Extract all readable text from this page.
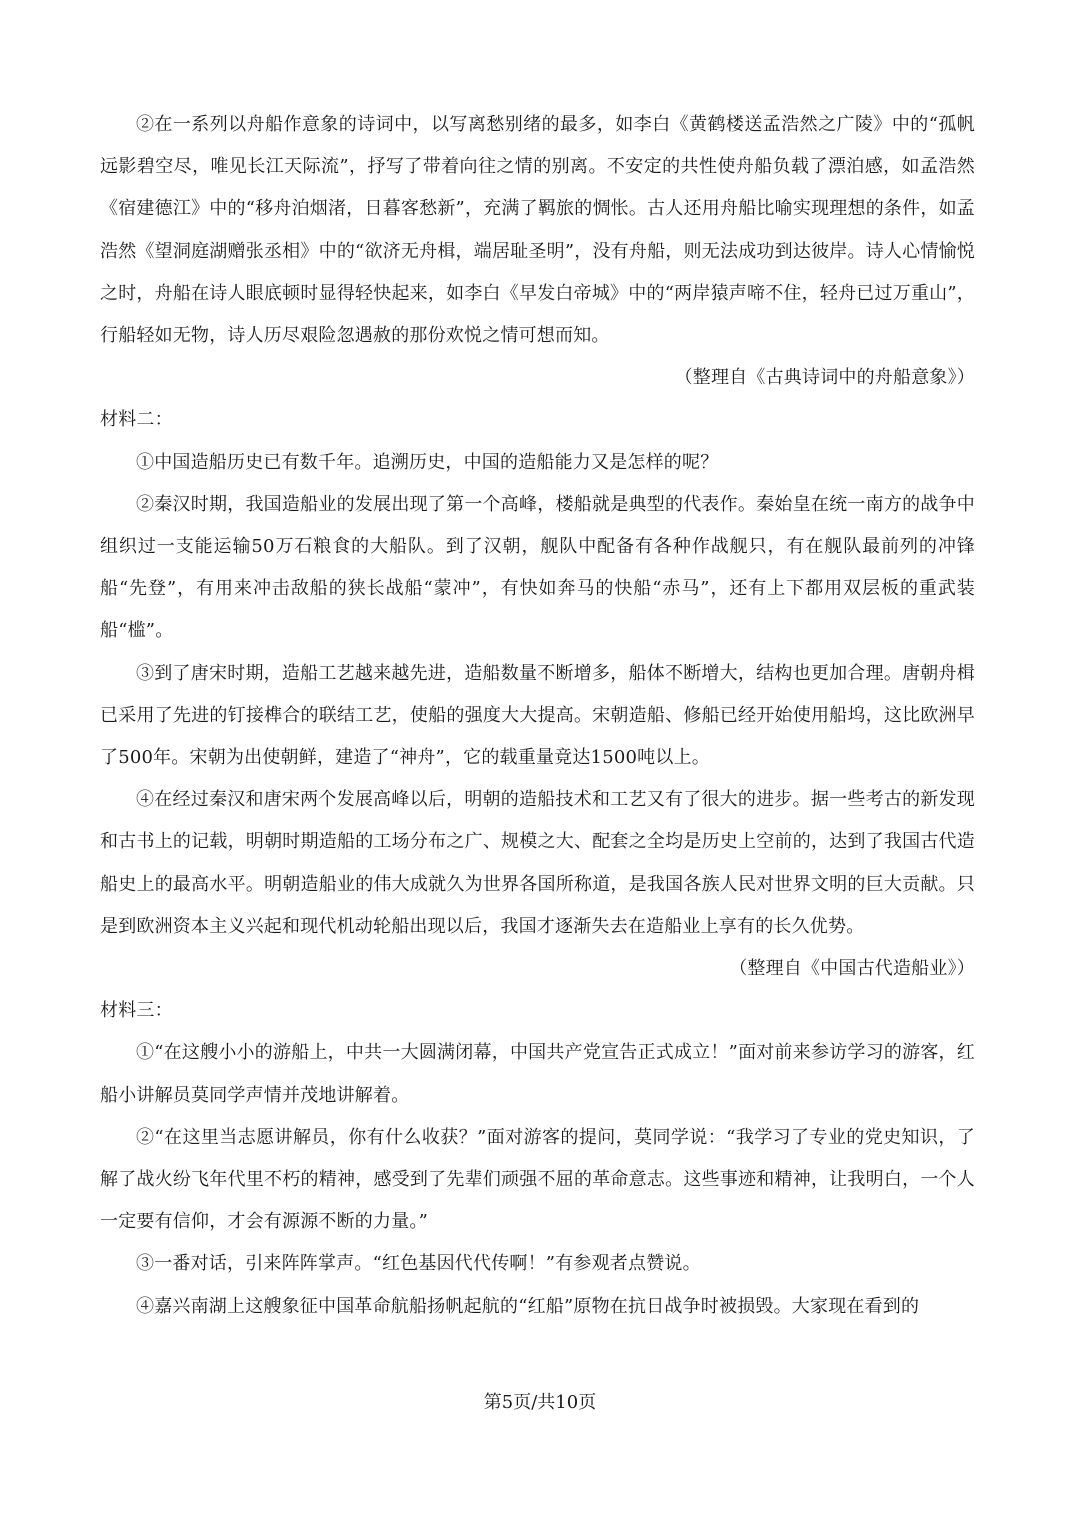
②在一系列以舟船作意象的诗词中，以写离愁别绪的最多，如李白《黄鹤楼送孟浩然之广陵》中的“孤帆远影碧空尽，唯见长江天际流”，抒写了带着向往之情的别离。不安定的共性使舟船负载了漂泊感，如孟浩然《宿建德江》中的“移舟泊烟渚，日暮客愁新”，充满了羁旅的惆怅。古人还用舟船比喻实现理想的条件，如孟浩然《望洞庭湖赠张丞相》中的“欲济无舟楫，端居耻圣明”，没有舟船，则无法成功到达彼岸。诗人心情愉悦之时，舟船在诗人眼底顿时显得轻快起来，如李白《早发白帝城》中的“两岸猿声啼不住，轻舟已过万重山”，行船轻如无物，诗人历尽艰险忽遇赦的那份欢悦之情可想而知。

（整理自《古典诗词中的舟船意象》）

材料二：

①中国造船历史已有数千年。追溯历史，中国的造船能力又是怎样的呢？

②秦汉时期，我国造船业的发展出现了第一个高峰，楼船就是典型的代表作。秦始皇在统一南方的战争中组织过一支能运输50万石粮食的大船队。到了汉朝，舰队中配备有各种作战舰只，有在舰队最前列的冲锋船“先登”，有用来冲击敌船的狭长战船“蒙冲”，有快如奔马的快船“赤马”，还有上下都用双层板的重武装船“槛”。

③到了唐宋时期，造船工艺越来越先进，造船数量不断增多，船体不断增大，结构也更加合理。唐朝舟楫已采用了先进的钉接榫合的联结工艺，使船的强度大大提高。宋朝造船、修船已经开始使用船坞，这比欧洲早了500年。宋朝为出使朝鲜，建造了“神舟”，它的载重量竟达1500吨以上。

④在经过秦汉和唐宋两个发展高峰以后，明朝的造船技术和工艺又有了很大的进步。据一些考古的新发现和古书上的记载，明朝时期造船的工场分布之广、规模之大、配套之全均是历史上空前的，达到了我国古代造船史上的最高水平。明朝造船业的伟大成就久为世界各国所称道，是我国各族人民对世界文明的巨大贡献。只是到欧洲资本主义兴起和现代机动轮船出现以后，我国才逐渐失去在造船业上享有的长久优势。

（整理自《中国古代造船业》）

材料三：

①“在这艘小小的游船上，中共一大圆满闭幕，中国共产党宣告正式成立！”面对前来参访学习的游客，红船小讲解员莫同学声情并茂地讲解着。

②“在这里当志愿讲解员，你有什么收获？”面对游客的提问，莫同学说：“我学习了专业的党史知识，了解了战火纷飞年代里不朽的精神，感受到了先辈们顽强不屈的革命意志。这些事迹和精神，让我明白，一个人一定要有信仰，才会有源源不断的力量。”

③一番对话，引来阵阵掌声。“红色基因代代传啊！”有参观者点赞说。

④嘉兴南湖上这艘象征中国革命航船扬帆起航的“红船”原物在抗日战争时被损毁。大家现在看到的

第5页/共10页
